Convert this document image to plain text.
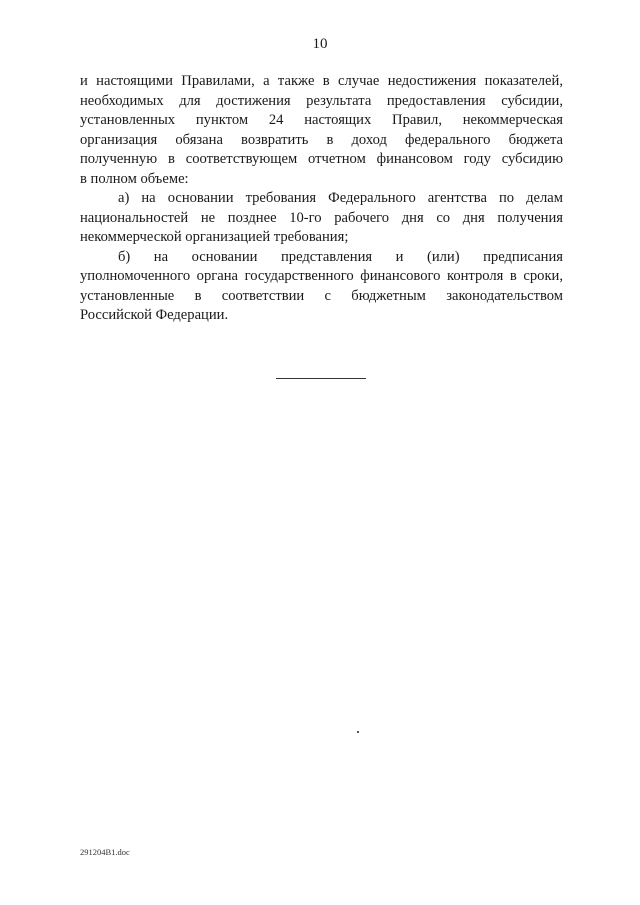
10
и настоящими Правилами, а также в случае недостижения показателей,
необходимых для достижения результата предоставления субсидии,
установленных пунктом 24 настоящих Правил, некоммерческая
организация обязана возвратить в доход федерального бюджета
полученную в соответствующем отчетном финансовом году субсидию
в полном объеме:
а) на основании требования Федерального агентства по делам
национальностей не позднее 10-го рабочего дня со дня получения
некоммерческой организацией требования;
б) на основании представления и (или) предписания
уполномоченного органа государственного финансового контроля в сроки,
установленные в соответствии с бюджетным законодательством
Российской Федерации.
291204B1.doc
